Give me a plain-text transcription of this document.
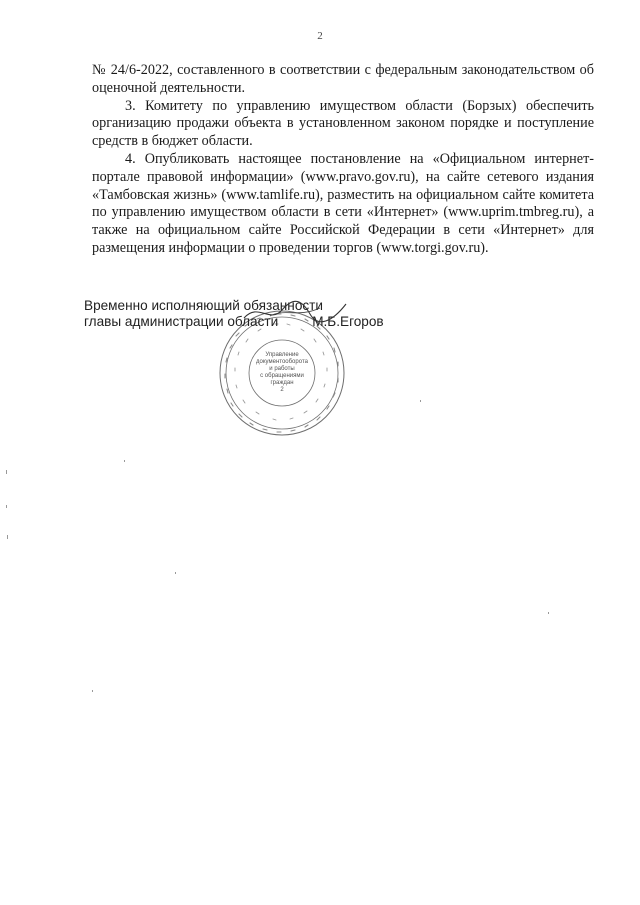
2

№ 24/6-2022, составленного в соответствии с федеральным законодательством об оценочной деятельности.

3. Комитету по управлению имуществом области (Борзых) обеспечить организацию продажи объекта в установленном законом порядке и поступление средств в бюджет области.

4. Опубликовать настоящее постановление на «Официальном интернет-портале правовой информации» (www.pravo.gov.ru), на сайте сетевого издания «Тамбовская жизнь» (www.tamlife.ru), разместить на официальном сайте комитета по управлению имуществом области в сети «Интернет» (www.uprim.tmbreg.ru), а также на официальном сайте Российской Федерации в сети «Интернет» для размещения информации о проведении торгов (www.torgi.gov.ru).

Управление
документооборота
и работы
с обращениями
граждан
2
Временно исполняющий обязанности
главы администрации области	М.Б.Егоров
